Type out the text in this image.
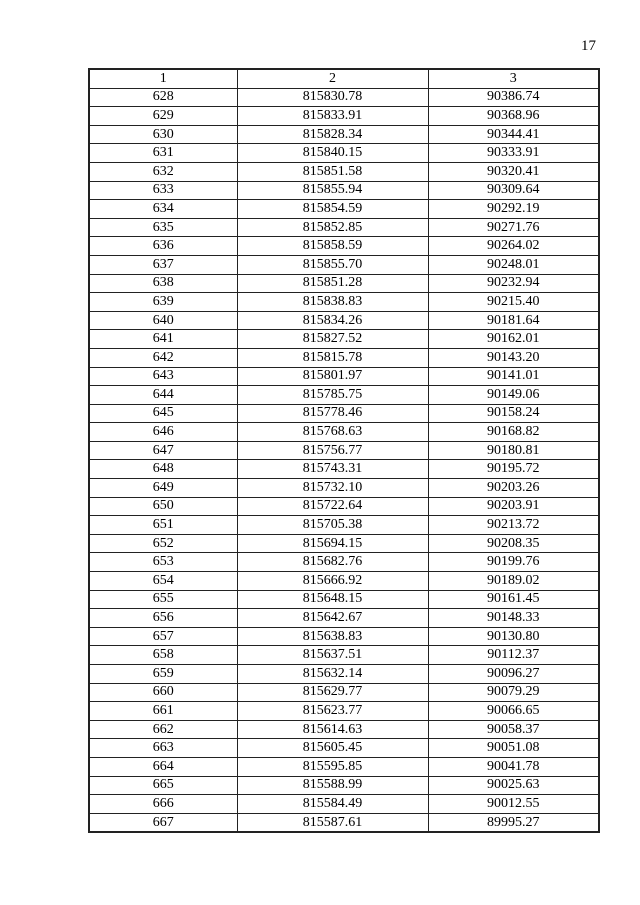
17
1	2	3
628	815830.78	90386.74
629	815833.91	90368.96
630	815828.34	90344.41
631	815840.15	90333.91
632	815851.58	90320.41
633	815855.94	90309.64
634	815854.59	90292.19
635	815852.85	90271.76
636	815858.59	90264.02
637	815855.70	90248.01
638	815851.28	90232.94
639	815838.83	90215.40
640	815834.26	90181.64
641	815827.52	90162.01
642	815815.78	90143.20
643	815801.97	90141.01
644	815785.75	90149.06
645	815778.46	90158.24
646	815768.63	90168.82
647	815756.77	90180.81
648	815743.31	90195.72
649	815732.10	90203.26
650	815722.64	90203.91
651	815705.38	90213.72
652	815694.15	90208.35
653	815682.76	90199.76
654	815666.92	90189.02
655	815648.15	90161.45
656	815642.67	90148.33
657	815638.83	90130.80
658	815637.51	90112.37
659	815632.14	90096.27
660	815629.77	90079.29
661	815623.77	90066.65
662	815614.63	90058.37
663	815605.45	90051.08
664	815595.85	90041.78
665	815588.99	90025.63
666	815584.49	90012.55
667	815587.61	89995.27
